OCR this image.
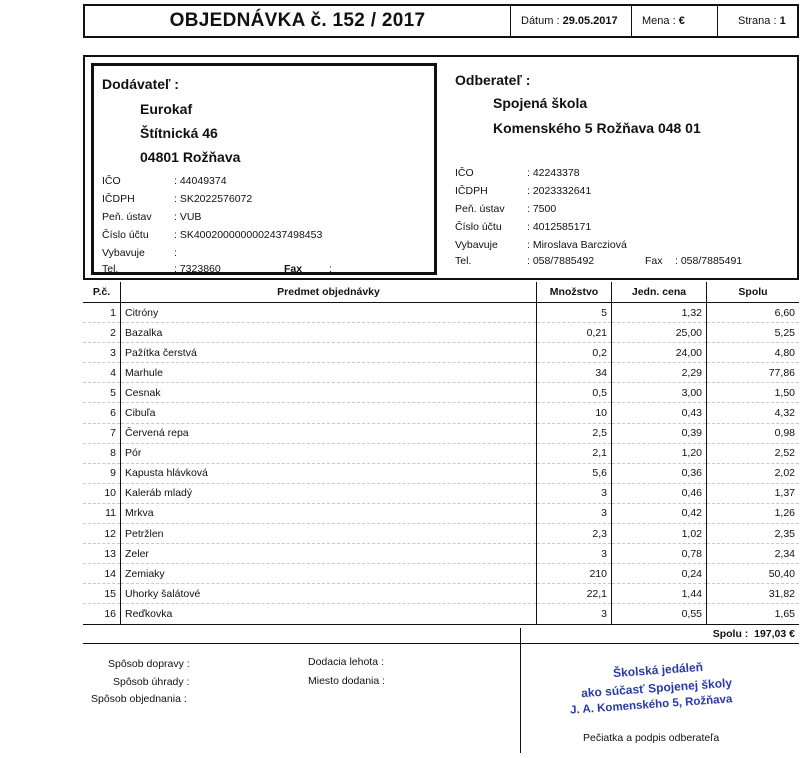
OBJEDNÁVKA č. 152 / 2017	Dátum : 29.05.2017	Mena : €	Strana : 1
Dodávateľ :
Eurokaf
Štítnická 46
04801 Rožňava
IČO	: 44049374
IČDPH	: SK2022576072
Peň. ústav : VUB
Číslo účtu : SK4002000000002437498453
Vybavuje	:
Tel.	: 7323860	Fax	:
Odberateľ :
Spojená škola
Komenského 5 Rožňava 048 01
IČO	: 42243378
IČDPH	: 2023332641
Peň. ústav : 7500
Číslo účtu : 4012585171
Vybavuje	: Miroslava Barcziová
Tel.	: 058/7885492	Fax : 058/7885491
P.č.	Predmet objednávky	Množstvo	Jedn. cena	Spolu
1	Citróny	5	1,32	6,60
2	Bazalka	0,21	25,00	5,25
3	Pažítka čerstvá	0,2	24,00	4,80
4	Marhule	34	2,29	77,86
5	Cesnak	0,5	3,00	1,50
6	Cibuľa	10	0,43	4,32
7	Červená repa	2,5	0,39	0,98
8	Pór	2,1	1,20	2,52
9	Kapusta hlávková	5,6	0,36	2,02
10	Kaleráb mladý	3	0,46	1,37
11	Mrkva	3	0,42	1,26
12	Petržlen	2,3	1,02	2,35
13	Zeler	3	0,78	2,34
14	Zemiaky	210	0,24	50,40
15	Uhorky šalátové	22,1	1,44	31,82
16	Reďkovka	3	0,55	1,65
			Spolu : 197,03 €	
Spôsob dopravy :
Spôsob úhrady :
Spôsob objednania :
Dodacia lehota :
Miesto dodania :
Školská jedáleň
ako súčasť Spojenej školy
J. A. Komenského 5, Rožňava
Pečiatka a podpis odberateľa
